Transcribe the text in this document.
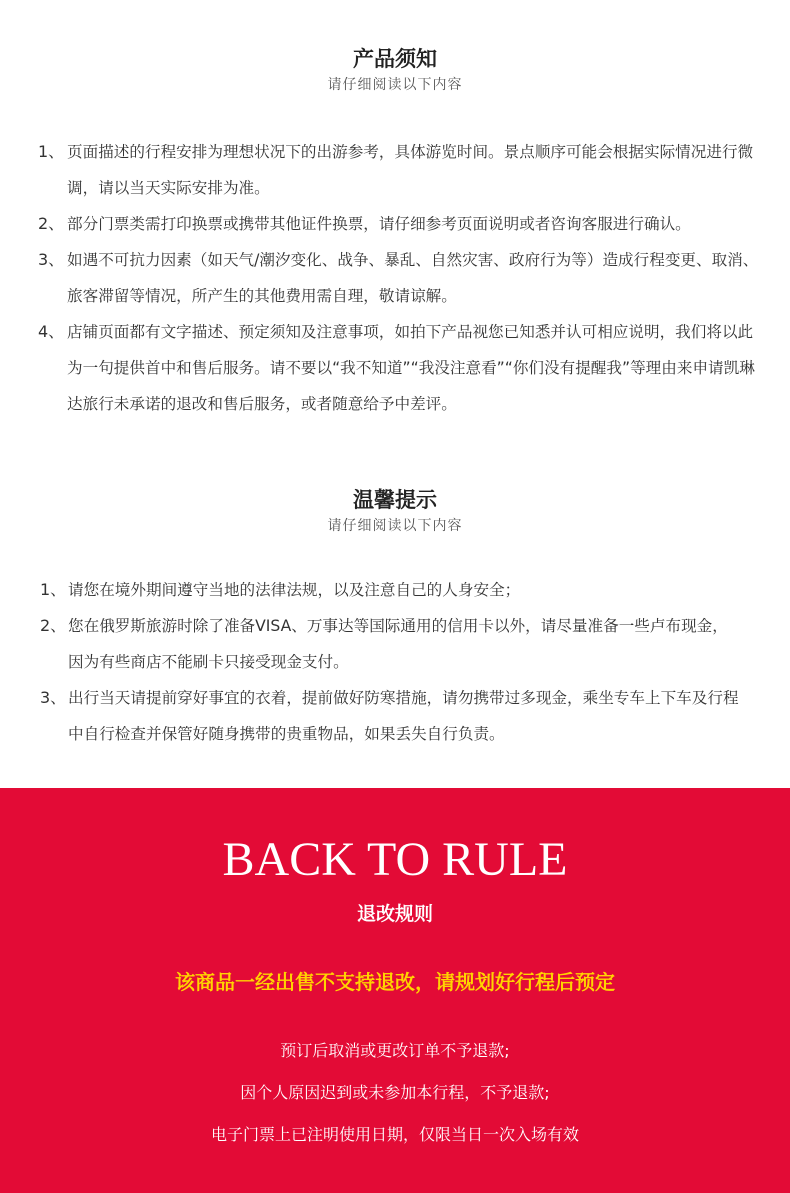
产品须知

请仔细阅读以下内容

1、 页面描述的行程安排为理想状况下的出游参考，具体游览时间。景点顺序可能会根据实际情况进行微调，请以当天实际安排为准。
2、 部分门票类需打印换票或携带其他证件换票，请仔细参考页面说明或者咨询客服进行确认。
3、 如遇不可抗力因素（如天气/潮汐变化、战争、暴乱、自然灾害、政府行为等）造成行程变更、取消、旅客滞留等情况，所产生的其他费用需自理，敬请谅解。
4、 店铺页面都有文字描述、预定须知及注意事项，如拍下产品视您已知悉并认可相应说明，我们将以此为一句提供首中和售后服务。请不要以“我不知道”“我没注意看”“你们没有提醒我”等理由来申请凯琳达旅行未承诺的退改和售后服务，或者随意给予中差评。
温馨提示

请仔细阅读以下内容

1、 请您在境外期间遵守当地的法律法规，以及注意自己的人身安全；
2、 您在俄罗斯旅游时除了准备VISA、万事达等国际通用的信用卡以外，请尽量准备一些卢布现金，因为有些商店不能刷卡只接受现金支付。
3、 出行当天请提前穿好事宜的衣着，提前做好防寒措施，请勿携带过多现金，乘坐专车上下车及行程中自行检查并保管好随身携带的贵重物品，如果丢失自行负责。
BACK TO RULE
退改规则
该商品一经出售不支持退改，请规划好行程后预定
预订后取消或更改订单不予退款;
因个人原因迟到或未参加本行程，不予退款;
电子门票上已注明使用日期，仅限当日一次入场有效
